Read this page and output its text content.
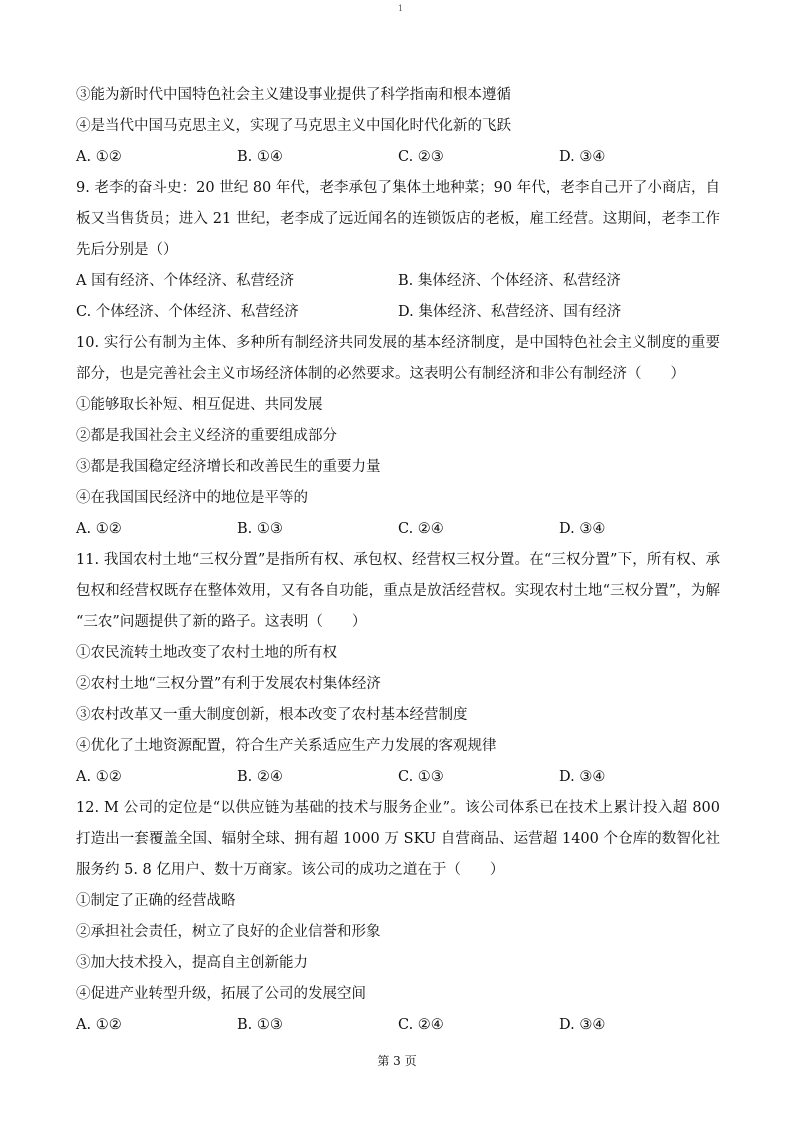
1
③能为新时代中国特色社会主义建设事业提供了科学指南和根本遵循
④是当代中国马克思主义，实现了马克思主义中国化时代化新的飞跃
A. ①②	B. ①④	C. ②③	D. ③④
9. 老李的奋斗史：20 世纪 80 年代，老李承包了集体土地种菜；90 年代，老李自己开了小商店，自
板又当售货员；进入 21 世纪，老李成了远近闻名的连锁饭店的老板，雇工经营。这期间，老李工作
先后分别是（）
A 国有经济、个体经济、私营经济	B. 集体经济、个体经济、私营经济
C. 个体经济、个体经济、私营经济	D. 集体经济、私营经济、国有经济
10. 实行公有制为主体、多种所有制经济共同发展的基本经济制度，是中国特色社会主义制度的重要
部分，也是完善社会主义市场经济体制的必然要求。这表明公有制经济和非公有制经济（　　）
①能够取长补短、相互促进、共同发展
②都是我国社会主义经济的重要组成部分
③都是我国稳定经济增长和改善民生的重要力量
④在我国国民经济中的地位是平等的
A. ①②	B. ①③	C. ②④	D. ③④
11. 我国农村土地“三权分置”是指所有权、承包权、经营权三权分置。在“三权分置”下，所有权、承
包权和经营权既存在整体效用，又有各自功能，重点是放活经营权。实现农村土地“三权分置”，为解
“三农”问题提供了新的路子。这表明（　　）
①农民流转土地改变了农村土地的所有权
②农村土地“三权分置”有利于发展农村集体经济
③农村改革又一重大制度创新，根本改变了农村基本经营制度
④优化了土地资源配置，符合生产关系适应生产力发展的客观规律
A. ①②	B. ②④	C. ①③	D. ③④
12. M 公司的定位是“以供应链为基础的技术与服务企业”。该公司体系已在技术上累计投入超 800
打造出一套覆盖全国、辐射全球、拥有超 1000 万 SKU 自营商品、运营超 1400 个仓库的数智化社
服务约 5. 8 亿用户、数十万商家。该公司的成功之道在于（　　）
①制定了正确的经营战略
②承担社会责任，树立了良好的企业信誉和形象
③加大技术投入，提高自主创新能力
④促进产业转型升级，拓展了公司的发展空间
A. ①②	B. ①③	C. ②④	D. ③④
第 3 页
